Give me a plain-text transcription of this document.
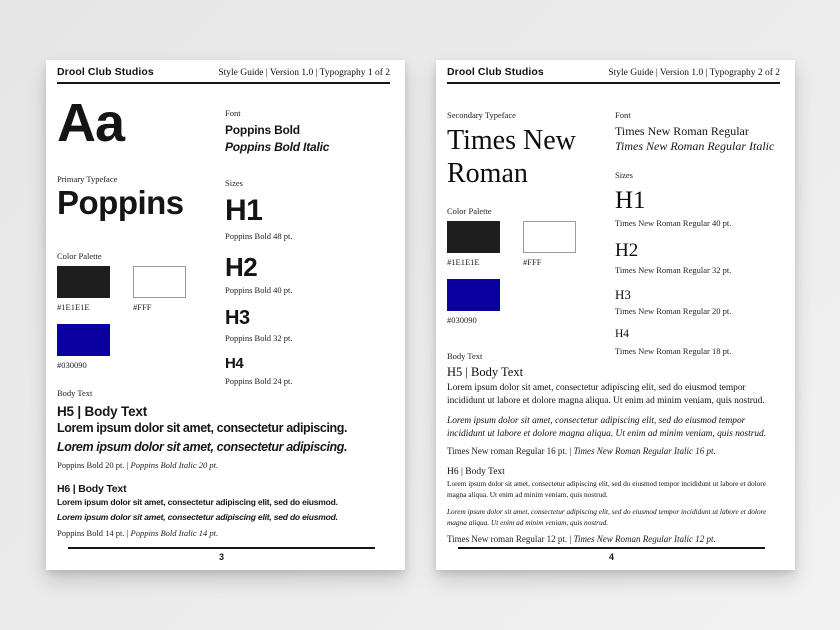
Drool Club Studios	Style Guide | Version 1.0 | Typography 1 of 2
Aa
Primary Typeface
Poppins
Color Palette
#1E1E1E	#FFF
#030090
Font
Poppins Bold
Poppins Bold Italic
Sizes
H1
Poppins Bold 48 pt.
H2
Poppins Bold 40 pt.
H3
Poppins Bold 32 pt.
H4
Poppins Bold 24 pt.
Body Text
H5 | Body Text
Lorem ipsum dolor sit amet, consectetur adipiscing.
Lorem ipsum dolor sit amet, consectetur adipiscing.
Poppins Bold 20 pt. | Poppins Bold Italic 20 pt.
H6 | Body Text
Lorem ipsum dolor sit amet, consectetur adipiscing elit, sed do eiusmod.
Lorem ipsum dolor sit amet, consectetur adipiscing elit, sed do eiusmod.
Poppins Bold 14 pt. | Poppins Bold Italic 14 pt.
3
Drool Club Studios	Style Guide | Version 1.0 | Typography 2 of 2
Secondary Typeface
Times New Roman
Color Palette
#1E1E1E	#FFF
#030090
Font
Times New Roman Regular
Times New Roman Regular Italic
Sizes
H1
Times New Roman Regular 40 pt.
H2
Times New Roman Regular 32 pt.
H3
Times New Roman Regular 20 pt.
H4
Times New Roman Regular 18 pt.
Body Text
H5 | Body Text
Lorem ipsum dolor sit amet, consectetur adipiscing elit, sed do eiusmod tempor incididunt ut labore et dolore magna aliqua. Ut enim ad minim veniam, quis nostrud.
Lorem ipsum dolor sit amet, consectetur adipiscing elit, sed do eiusmod tempor incididunt ut labore et dolore magna aliqua. Ut enim ad minim veniam, quis nostrud.
Times New roman Regular 16 pt. | Times New Roman Regular Italic 16 pt.
H6 | Body Text
Lorem ipsum dolor sit amet, consectetur adipiscing elit, sed do eiusmod tempor incididunt ut labore et dolore magna aliqua. Ut enim ad minim veniam, quis nostrud.
Lorem ipsum dolor sit amet, consectetur adipiscing elit, sed do eiusmod tempor incididunt ut labore et dolore magna aliqua. Ut enim ad minim veniam, quis nostrud.
Times New roman Regular 12 pt. | Times New Roman Regular Italic 12 pt.
4
